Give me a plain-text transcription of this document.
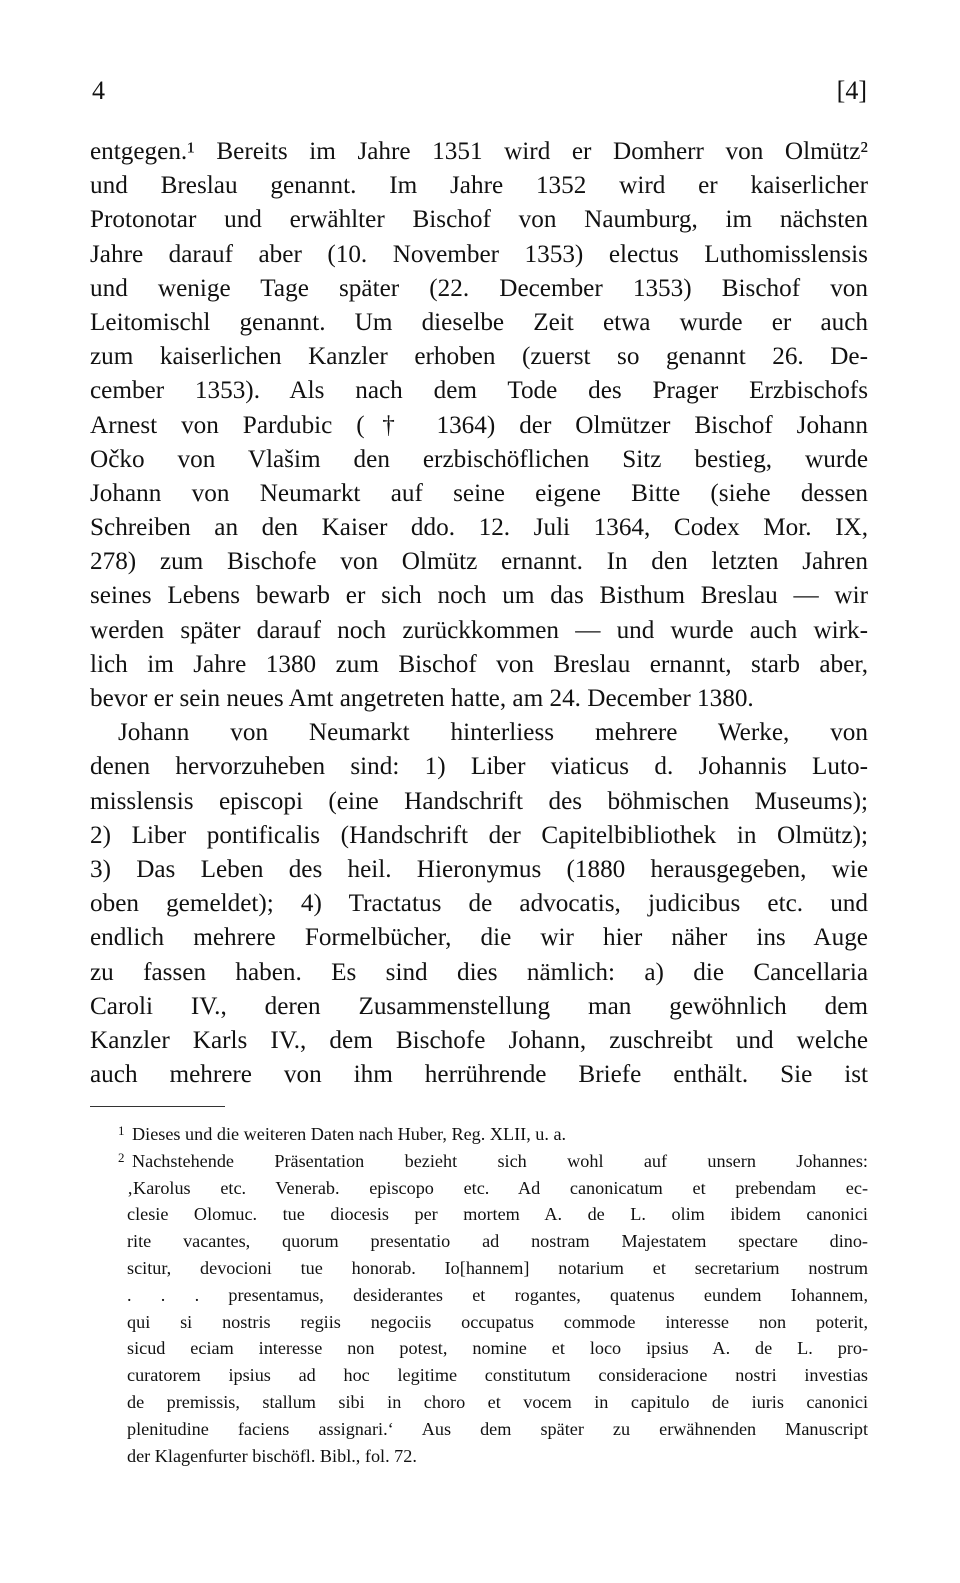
4	[4]
entgegen.¹ Bereits im Jahre 1351 wird er Domherr von Olmütz²
und Breslau genannt. Im Jahre 1352 wird er kaiserlicher
Protonotar und erwählter Bischof von Naumburg, im nächsten
Jahre darauf aber (10. November 1353) electus Luthomisslensis
und wenige Tage später (22. December 1353) Bischof von
Leitomischl genannt. Um dieselbe Zeit etwa wurde er auch
zum kaiserlichen Kanzler erhoben (zuerst so genannt 26. De-
cember 1353). Als nach dem Tode des Prager Erzbischofs
Arnest von Pardubic († 1364) der Olmützer Bischof Johann
Očko von Vlašim den erzbischöflichen Sitz bestieg, wurde
Johann von Neumarkt auf seine eigene Bitte (siehe dessen
Schreiben an den Kaiser ddo. 12. Juli 1364, Codex Mor. IX,
278) zum Bischofe von Olmütz ernannt. In den letzten Jahren
seines Lebens bewarb er sich noch um das Bisthum Breslau — wir
werden später darauf noch zurückkommen — und wurde auch wirk-
lich im Jahre 1380 zum Bischof von Breslau ernannt, starb aber,
bevor er sein neues Amt angetreten hatte, am 24. December 1380.
Johann von Neumarkt hinterliess mehrere Werke, von
denen hervorzuheben sind: 1) Liber viaticus d. Johannis Luto-
misslensis episcopi (eine Handschrift des böhmischen Museums);
2) Liber pontificalis (Handschrift der Capitelbibliothek in Olmütz);
3) Das Leben des heil. Hieronymus (1880 herausgegeben, wie
oben gemeldet); 4) Tractatus de advocatis, judicibus etc. und
endlich mehrere Formelbücher, die wir hier näher ins Auge
zu fassen haben. Es sind dies nämlich: a) die Cancellaria
Caroli IV., deren Zusammenstellung man gewöhnlich dem
Kanzler Karls IV., dem Bischofe Johann, zuschreibt und welche
auch mehrere von ihm herrührende Briefe enthält. Sie ist
1 Dieses und die weiteren Daten nach Huber, Reg. XLII, u. a.
2 Nachstehende Präsentation bezieht sich wohl auf unsern Johannes:
‚Karolus etc. Venerab. episcopo etc. Ad canonicatum et prebendam ec-
clesie Olomuc. tue diocesis per mortem A. de L. olim ibidem canonici
rite vacantes, quorum presentatio ad nostram Majestatem spectare dino-
scitur, devocioni tue honorab. Io[hannem] notarium et secretarium nostrum
. . . presentamus, desiderantes et rogantes, quatenus eundem Iohannem,
qui si nostris regiis negociis occupatus commode interesse non poterit,
sicud eciam interesse non potest, nomine et loco ipsius A. de L. pro-
curatorem ipsius ad hoc legitime constitutum consideracione nostri investias
de premissis, stallum sibi in choro et vocem in capitulo de iuris canonici
plenitudine faciens assignari.‘ Aus dem später zu erwähnenden Manuscript
der Klagenfurter bischöfl. Bibl., fol. 72.
